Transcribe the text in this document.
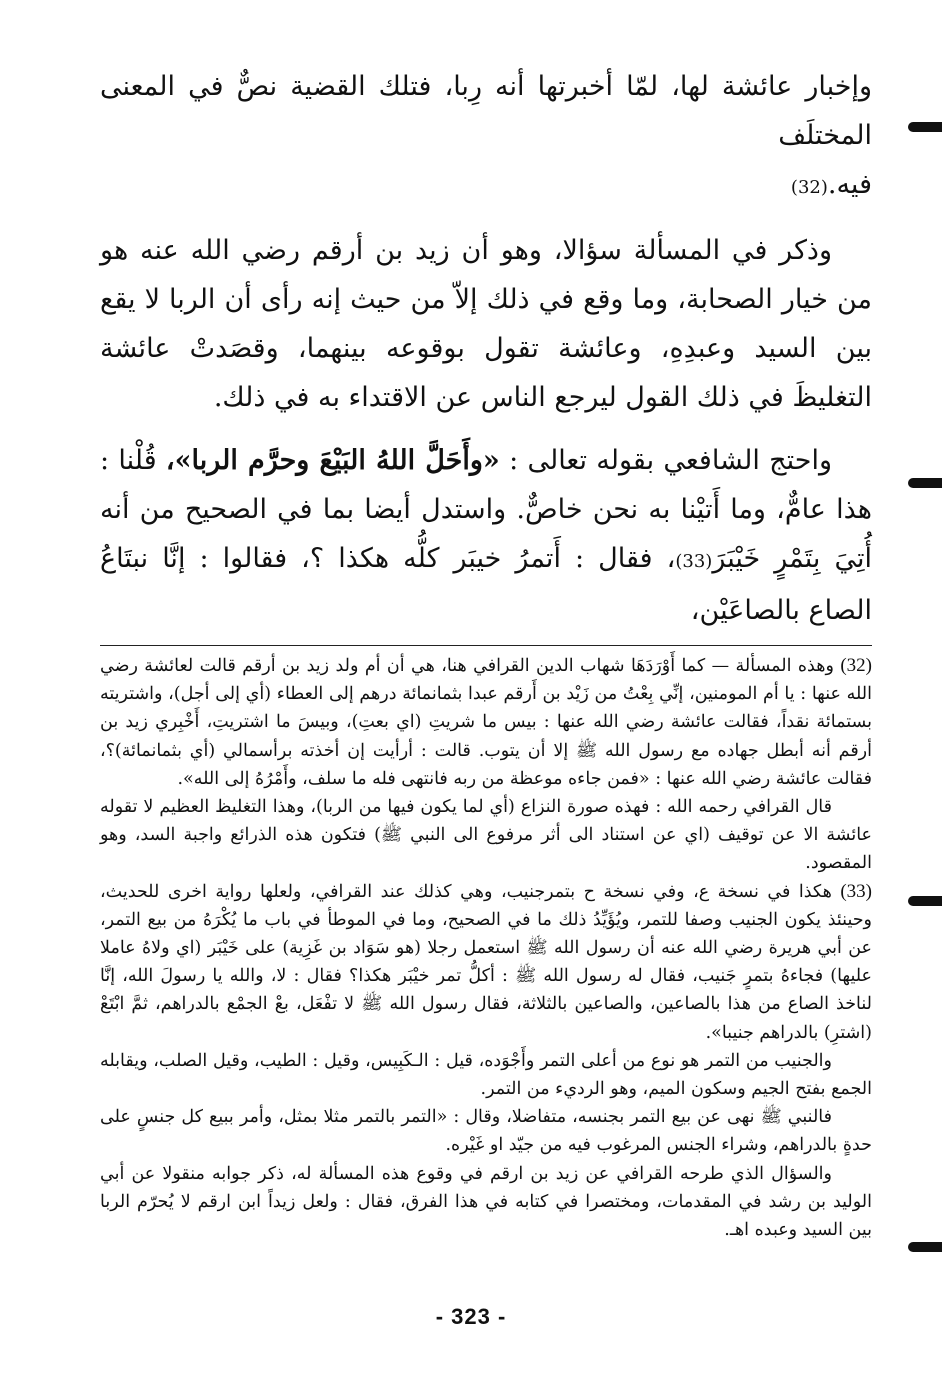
وإخبار عائشة لها، لمّا أخبرتها أنه رِبا، فتلك القضية نصٌّ في المعنى المختلَف
فيه.(32)

وذكر في المسألة سؤالا، وهو أن زيد بن أرقم رضي الله عنه هو من خيار الصحابة، وما وقع في ذلك إلاّ من حيث إنه رأى أن الربا لا يقع بين السيد وعبدِهِ، وعائشة تقول بوقوعه بينهما، وقصَدتْ عائشة التغليظَ في ذلك القول ليرجع الناس عن الاقتداء به في ذلك.

واحتج الشافعي بقوله تعالى : «وأَحَلَّ اللهُ البَيْعَ وحرَّم الربا»، قُلْنا : هذا عامٌّ، وما أَتيْنا به نحن خاصٌّ. واستدل أيضا بما في الصحيح من أنه أُتِيَ بِتَمْرٍ خَيْبَرَ(33)، فقال : أَتمرُ خيبَر كلُّه هكذا ؟، فقالوا : إنَّا نبتَاعُ الصاع بالصاعَيْن،

(32) وهذه المسألة — كما أَوْرَدَهَا شهاب الدين القرافي هنا، هي أن أم ولد زيد بن أرقم قالت لعائشة رضي الله عنها : يا أم المومنين، إنِّي بِعْتُ من زَيْد بن أَرقم عبدا بثمانمائة درهم إلى العطاء (أي إلى أجل)، واشتريته بستمائة نقداً، فقالت عائشة رضي الله عنها : بيس ما شريتِ (اي بعتِ)، وبيسَ ما اشتريتِ، أَخْبِري زيد بن أرقم أنه أبطل جهاده مع رسول الله ﷺ إلا أن يتوب. قالت : أرأيت إن أخذته برأسمالي (أي بثمانمائة)؟، فقالت عائشة رضي الله عنها : «فمن جاءه موعظة من ربه فانتهى فله ما سلف، وأَمْرُهُ إلى الله».

قال القرافي رحمه الله : فهذه صورة النزاع (أي لما يكون فيها من الربا)، وهذا التغليظ العظيم لا تقوله عائشة الا عن توقيف (اي عن استناد الى أثر مرفوع الى النبي ﷺ) فتكون هذه الذرائع واجبة السد، وهو المقصود.

(33) هكذا في نسخة ع، وفي نسخة ح بتمرجنيب، وهي كذلك عند القرافي، ولعلها رواية اخرى للحديث، وحينئذ يكون الجنيب وصفا للتمر، ويُؤَيِّدُ ذلك ما في الصحيح، وما في الموطأ في باب ما يُكْرَهُ من بيع التمر، عن أبي هريرة رضي الله عنه أن رسول الله ﷺ استعمل رجلا (هو سَوَاد بن غَزِية) على خَيْبَر (اي ولاهُ عاملا عليها) فجاءهُ بتمرٍ جَنيب، فقال له رسول الله ﷺ : أكلُّ تمر خيْبَر هكذا؟ فقال : لا، والله يا رسولَ الله، إنَّا لناخذ الصاع من هذا بالصاعين، والصاعين بالثلاثة، فقال رسول الله ﷺ لا تفْعَل، بعْ الجمْع بالدراهم، ثمَّ ابْتَعْ (اشترِ) بالدراهم جنيبا».

والجنيب من التمر هو نوع من أعلى التمر وأَجْوَده، قيل : الـكَبِيس، وقيل : الطيب، وقيل الصلب، ويقابله الجمع بفتح الجيم وسكون الميم، وهو الرديء من التمر.

فالنبي ﷺ نهى عن بيع التمر بجنسه، متفاضلا، وقال : «التمر بالتمر مثلا بمثل، وأمر ببيع كل جنسٍ على حدةٍ بالدراهم، وشراء الجنس المرغوب فيه من جيّد او غَيْره.

والسؤال الذي طرحه القرافي عن زيد بن ارقم في وقوع هذه المسألة له، ذكر جوابه منقولا عن أبي الوليد بن رشد في المقدمات، ومختصرا في كتابه في هذا الفرق، فقال : ولعل زيداً ابن ارقم لا يُحرّم الربا بين السيد وعبده اهـ.

- 323 -
